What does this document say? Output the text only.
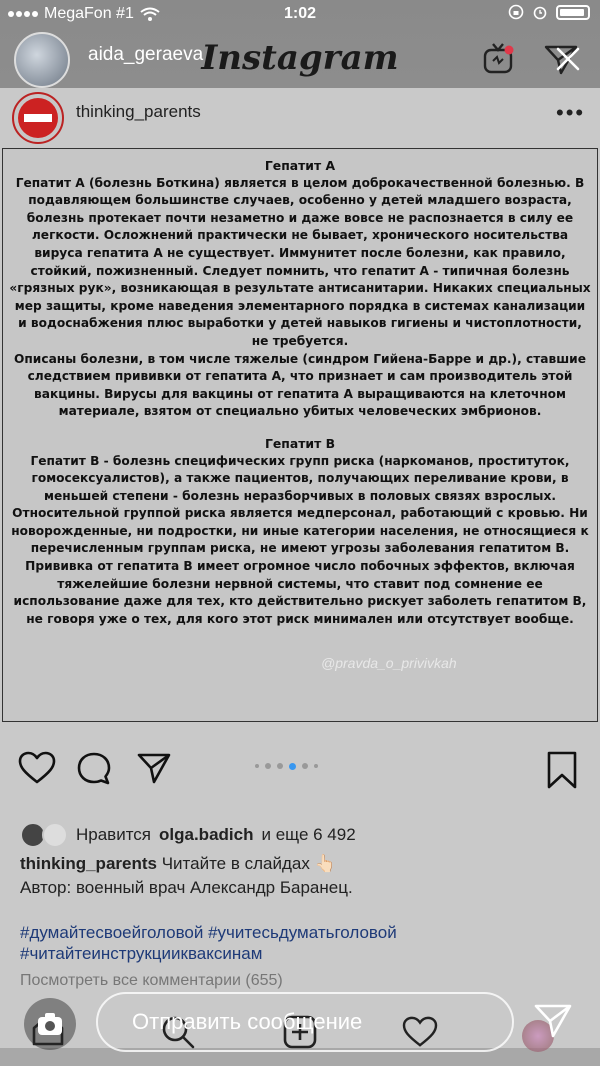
MegaFon #1	1:02
aida_geraeva
Instagram
thinking_parents	•••
Гепатит А

Гепатит А (болезнь Боткина) является в целом доброкачественной болезнью. В подавляющем большинстве случаев, особенно у детей младшего возраста, болезнь протекает почти незаметно и даже вовсе не распознается в силу ее легкости. Осложнений практически не бывает, хронического носительства вируса гепатита А не существует. Иммунитет после болезни, как правило, стойкий, пожизненный. Следует помнить, что гепатит А - типичная болезнь «грязных рук», возникающая в результате антисанитарии. Никаких специальных мер защиты, кроме наведения элементарного порядка в системах канализации и водоснабжения плюс выработки у детей навыков гигиены и чистоплотности, не требуется.

Описаны болезни, в том числе тяжелые (синдром Гийена-Барре и др.), ставшие следствием прививки от гепатита А, что признает и сам производитель этой вакцины. Вирусы для вакцины от гепатита А выращиваются на клеточном материале, взятом от специально убитых человеческих эмбрионов.

Гепатит В

Гепатит В - болезнь специфических групп риска (наркоманов, проституток, гомосексуалистов), а также пациентов, получающих переливание крови, в меньшей степени - болезнь неразборчивых в половых связях взрослых. Относительной группой риска является медперсонал, работающий с кровью. Ни новорожденные, ни подростки, ни иные категории населения, не относящиеся к перечисленным группам риска, не имеют угрозы заболевания гепатитом В.

Прививка от гепатита В имеет огромное число побочных эффектов, включая тяжелейшие болезни нервной системы, что ставит под сомнение ее использование даже для тех, кто действительно рискует заболеть гепатитом В, не говоря уже о тех, для кого этот риск минимален или отсутствует вообще.

@pravda_o_privivkah
Нравится olga.badich и еще 6 492
thinking_parents Читайте в слайдах 👆🏻
Автор: военный врач Александр Баранец.
#думайтесвоейголовой #учитесьдуматьголовой
#читайтеинструкциикваксинам
Посмотреть все комментарии (655)
Отправить сообщение
